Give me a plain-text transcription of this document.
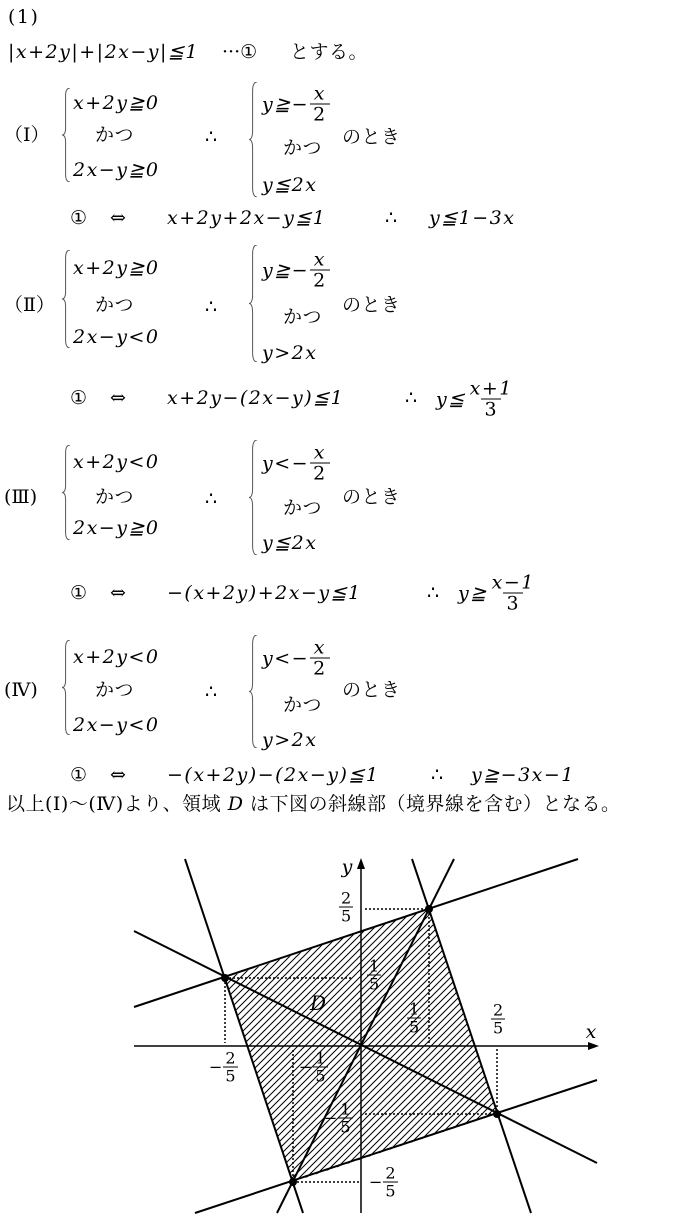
(1)
|x+2y|+|2x−y|≦1 ···① とする。
（Ⅰ）
x+2y≧0
かつ
2x−y≧0
∴
y≧− $\frac{x}{2}$
かつ
y≦2x
のとき
① ⇔ x+2y+2x−y≦1	∴ y≦1−3x
（Ⅱ）
x+2y≧0
かつ
2x−y<0
∴
y≧− $\frac{x}{2}$
かつ
y>2x
のとき
① ⇔ x+2y−(2x−y)≦1	∴ y≦ $\frac{x+1}{3}$
(Ⅲ)
x+2y<0
かつ
2x−y≧0
∴
$y<- \frac{x}{2}$
かつ
y≦2x
のとき
① ⇔ −(x+2y)+2x−y≦1	∴ y≧ $\frac{x-1}{3}$
(Ⅳ)
x+2y<0
かつ
2x−y<0
∴
$y<- \frac{x}{2}$
かつ
y>2x
のとき
① ⇔ −(x+2y)−(2x−y)≦1	∴ y≧−3x−1
以上(Ⅰ)～(Ⅳ)より、領域 D は下図の斜線部（境界線を含む）となる。
y
x
D
$\frac{2}{5}$
$\frac{1}{5}$
$\frac{1}{5}$	$\frac{2}{5}$
− $\frac{2}{5}$	− $\frac{1}{5}$
− $\frac{1}{5}$
− $\frac{2}{5}$
